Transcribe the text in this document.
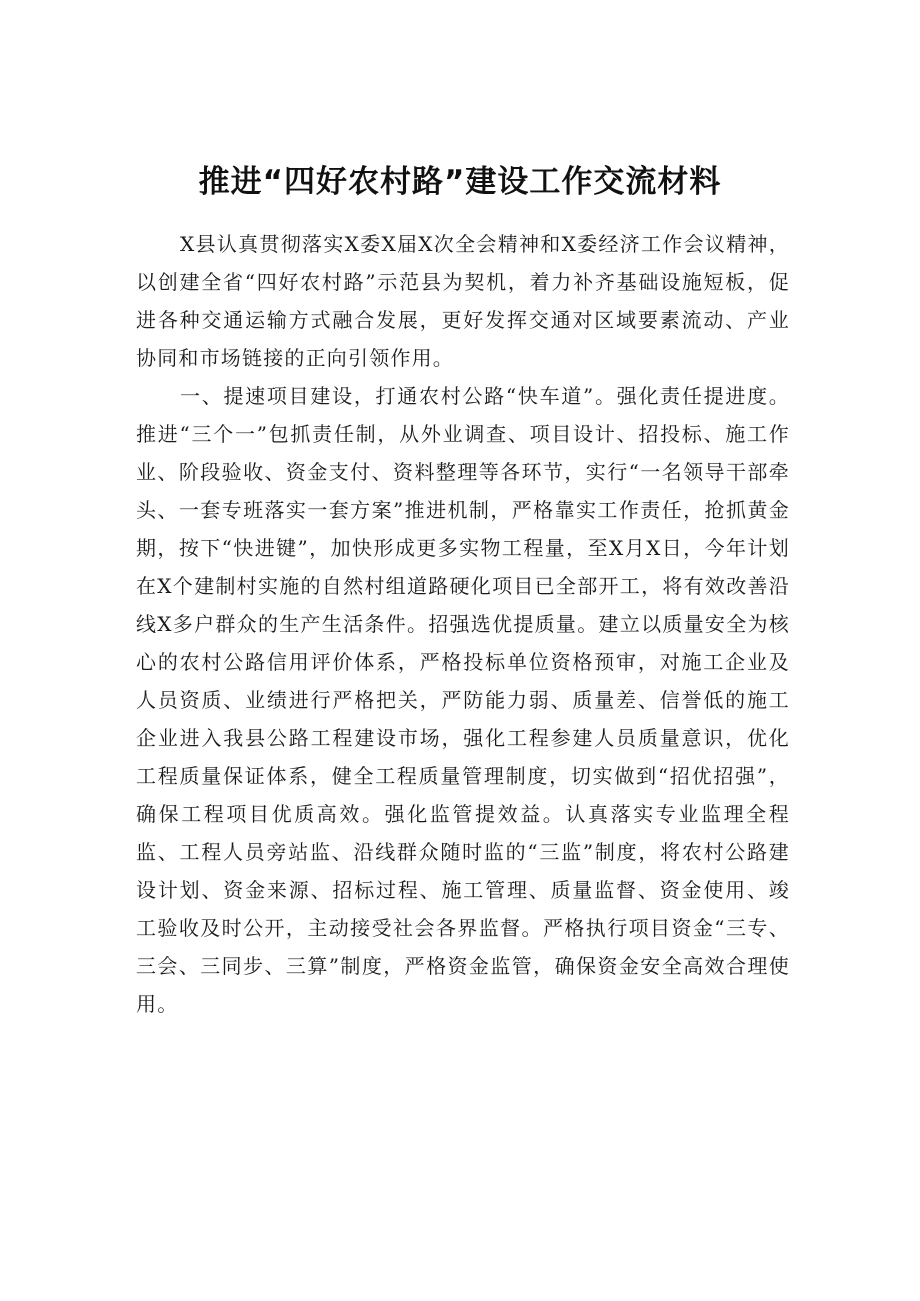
推进“四好农村路”建设工作交流材料

X县认真贯彻落实X委X届X次全会精神和X委经济工作会议精神，以创建全省“四好农村路”示范县为契机，着力补齐基础设施短板，促进各种交通运输方式融合发展，更好发挥交通对区域要素流动、产业协同和市场链接的正向引领作用。

一、提速项目建设，打通农村公路“快车道”。强化责任提进度。推进“三个一”包抓责任制，从外业调查、项目设计、招投标、施工作业、阶段验收、资金支付、资料整理等各环节，实行“一名领导干部牵头、一套专班落实一套方案”推进机制，严格靠实工作责任，抢抓黄金期，按下“快进键”，加快形成更多实物工程量，至X月X日，今年计划在X个建制村实施的自然村组道路硬化项目已全部开工，将有效改善沿线X多户群众的生产生活条件。招强选优提质量。建立以质量安全为核心的农村公路信用评价体系，严格投标单位资格预审，对施工企业及人员资质、业绩进行严格把关，严防能力弱、质量差、信誉低的施工企业进入我县公路工程建设市场，强化工程参建人员质量意识，优化工程质量保证体系，健全工程质量管理制度，切实做到“招优招强”，确保工程项目优质高效。强化监管提效益。认真落实专业监理全程监、工程人员旁站监、沿线群众随时监的“三监”制度，将农村公路建设计划、资金来源、招标过程、施工管理、质量监督、资金使用、竣工验收及时公开，主动接受社会各界监督。严格执行项目资金“三专、三会、三同步、三算”制度，严格资金监管，确保资金安全高效合理使用。
